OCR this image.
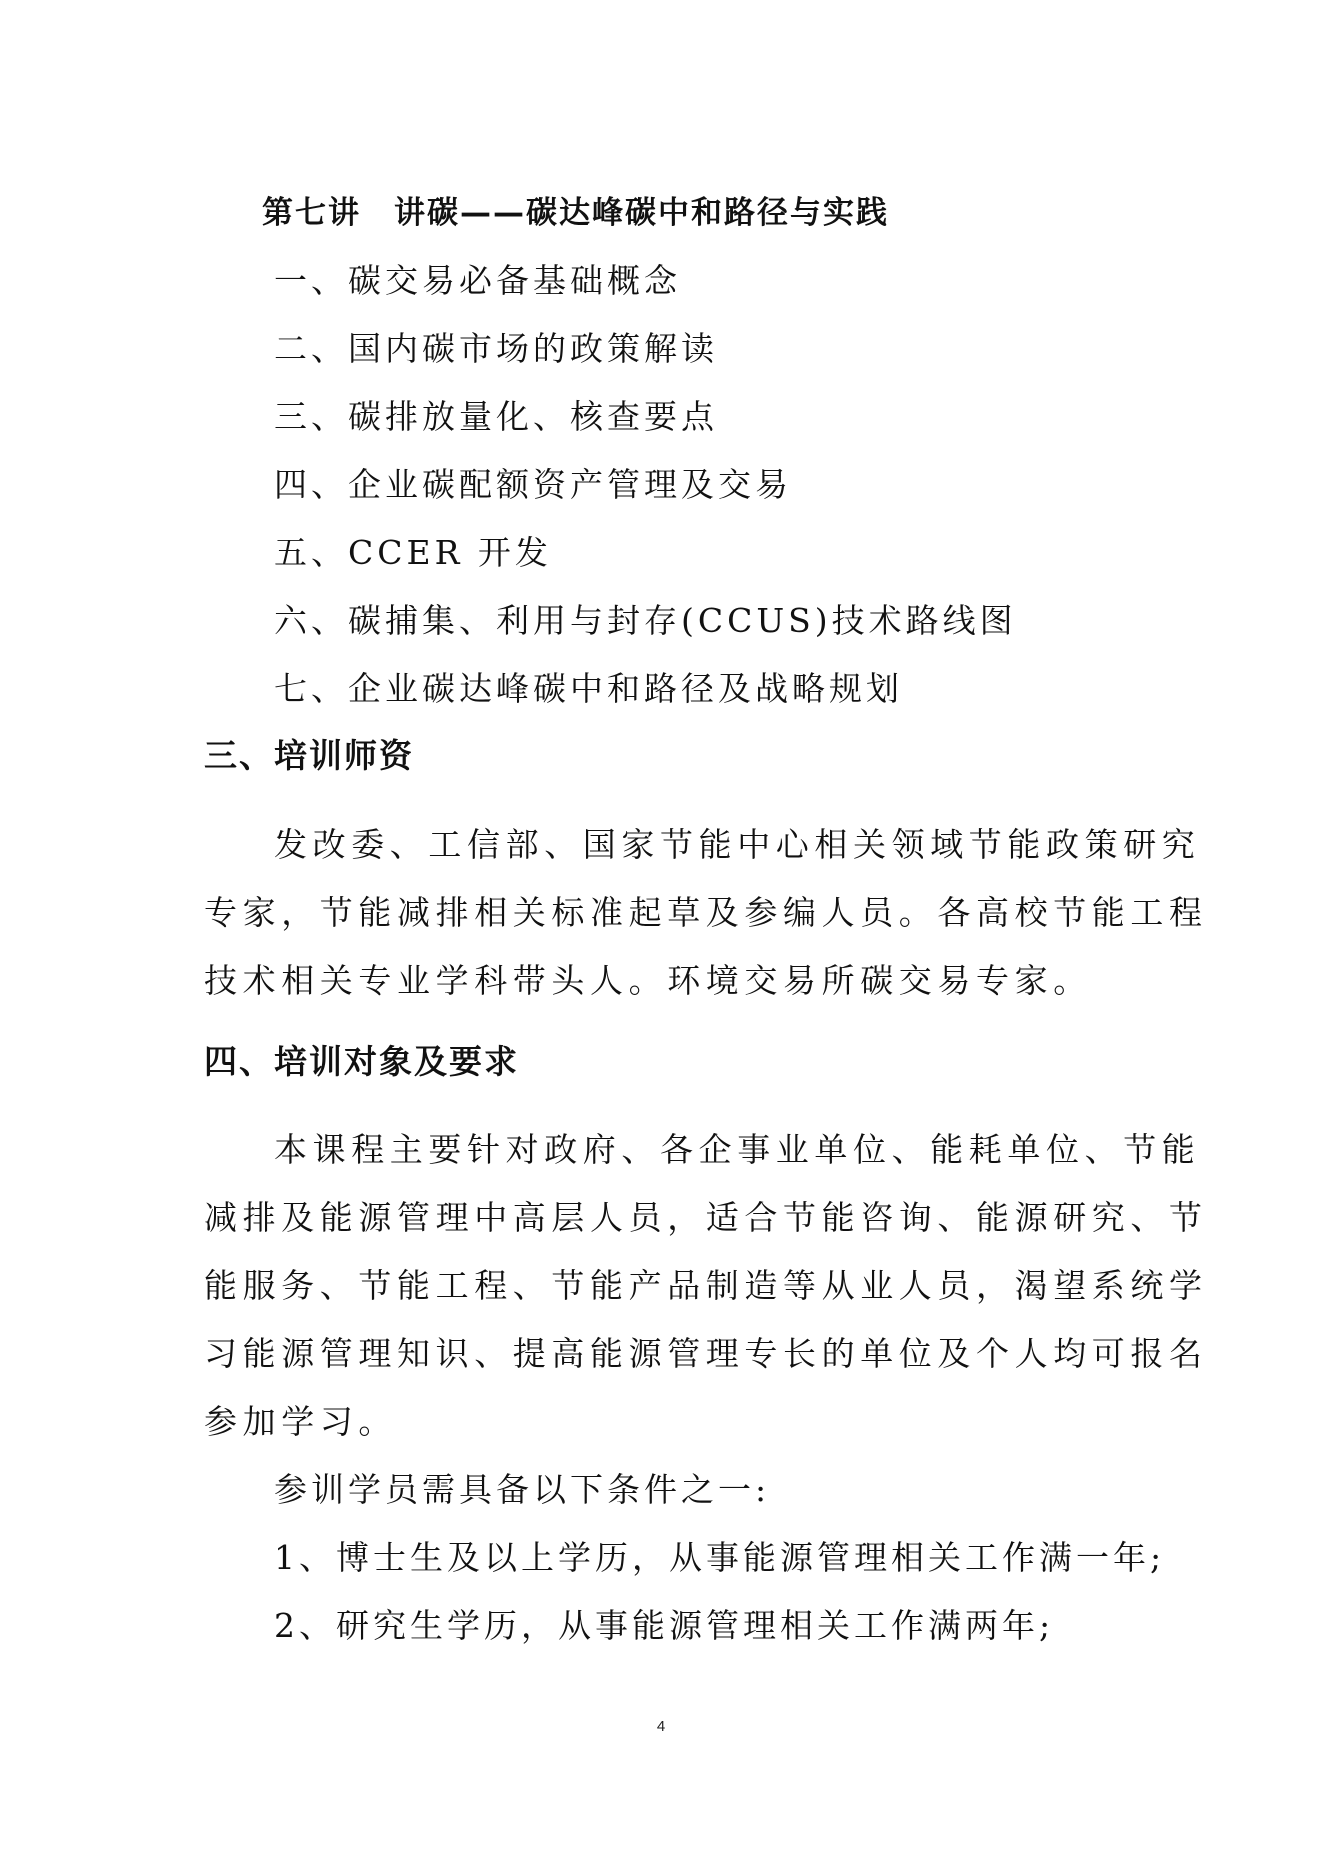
第七讲　讲碳——碳达峰碳中和路径与实践
一、碳交易必备基础概念
二、国内碳市场的政策解读
三、碳排放量化、核查要点
四、企业碳配额资产管理及交易
五、CCER 开发
六、碳捕集、利用与封存(CCUS)技术路线图
七、企业碳达峰碳中和路径及战略规划
三、培训师资
发改委、工信部、国家节能中心相关领域节能政策研究
专家，节能减排相关标准起草及参编人员。各高校节能工程
技术相关专业学科带头人。环境交易所碳交易专家。
四、培训对象及要求
本课程主要针对政府、各企事业单位、能耗单位、节能
减排及能源管理中高层人员，适合节能咨询、能源研究、节
能服务、节能工程、节能产品制造等从业人员，渴望系统学
习能源管理知识、提高能源管理专长的单位及个人均可报名
参加学习。
参训学员需具备以下条件之一:
1、博士生及以上学历，从事能源管理相关工作满一年;
2、研究生学历，从事能源管理相关工作满两年;
4
